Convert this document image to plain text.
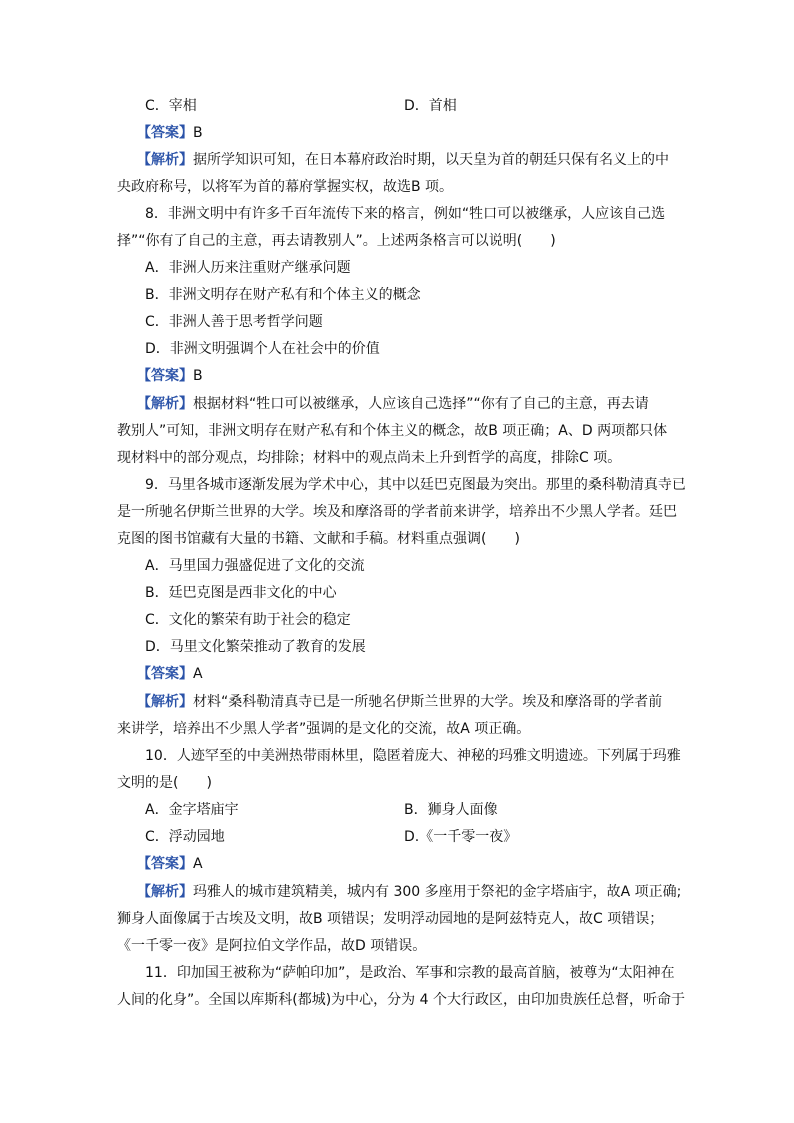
C．宰相	D．首相
【答案】B
【解析】据所学知识可知，在日本幕府政治时期，以天皇为首的朝廷只保有名义上的中
央政府称号，以将军为首的幕府掌握实权，故选B 项。
8．非洲文明中有许多千百年流传下来的格言，例如“牲口可以被继承，人应该自己选
择”“你有了自己的主意，再去请教别人”。上述两条格言可以说明(　　)
A．非洲人历来注重财产继承问题
B．非洲文明存在财产私有和个体主义的概念
C．非洲人善于思考哲学问题
D．非洲文明强调个人在社会中的价值
【答案】B
【解析】根据材料“牲口可以被继承，人应该自己选择”“你有了自己的主意，再去请
教别人”可知，非洲文明存在财产私有和个体主义的概念，故B 项正确；A、D 两项都只体
现材料中的部分观点，均排除；材料中的观点尚未上升到哲学的高度，排除C 项。
9．马里各城市逐渐发展为学术中心，其中以廷巴克图最为突出。那里的桑科勒清真寺已
是一所驰名伊斯兰世界的大学。埃及和摩洛哥的学者前来讲学，培养出不少黑人学者。廷巴
克图的图书馆藏有大量的书籍、文献和手稿。材料重点强调(　　)
A．马里国力强盛促进了文化的交流
B．廷巴克图是西非文化的中心
C．文化的繁荣有助于社会的稳定
D．马里文化繁荣推动了教育的发展
【答案】A
【解析】材料“桑科勒清真寺已是一所驰名伊斯兰世界的大学。埃及和摩洛哥的学者前
来讲学，培养出不少黑人学者”强调的是文化的交流，故A 项正确。
10．人迹罕至的中美洲热带雨林里，隐匿着庞大、神秘的玛雅文明遗迹。下列属于玛雅
文明的是(　　)
A．金字塔庙宇	B．狮身人面像
C．浮动园地	D.《一千零一夜》
【答案】A
【解析】玛雅人的城市建筑精美，城内有 300 多座用于祭祀的金字塔庙宇，故A 项正确;
狮身人面像属于古埃及文明，故B 项错误；发明浮动园地的是阿兹特克人，故C 项错误；
《一千零一夜》是阿拉伯文学作品，故D 项错误。
11．印加国王被称为“萨帕印加”，是政治、军事和宗教的最高首脑，被尊为“太阳神在
人间的化身”。全国以库斯科(都城)为中心，分为 4 个大行政区，由印加贵族任总督，听命于
